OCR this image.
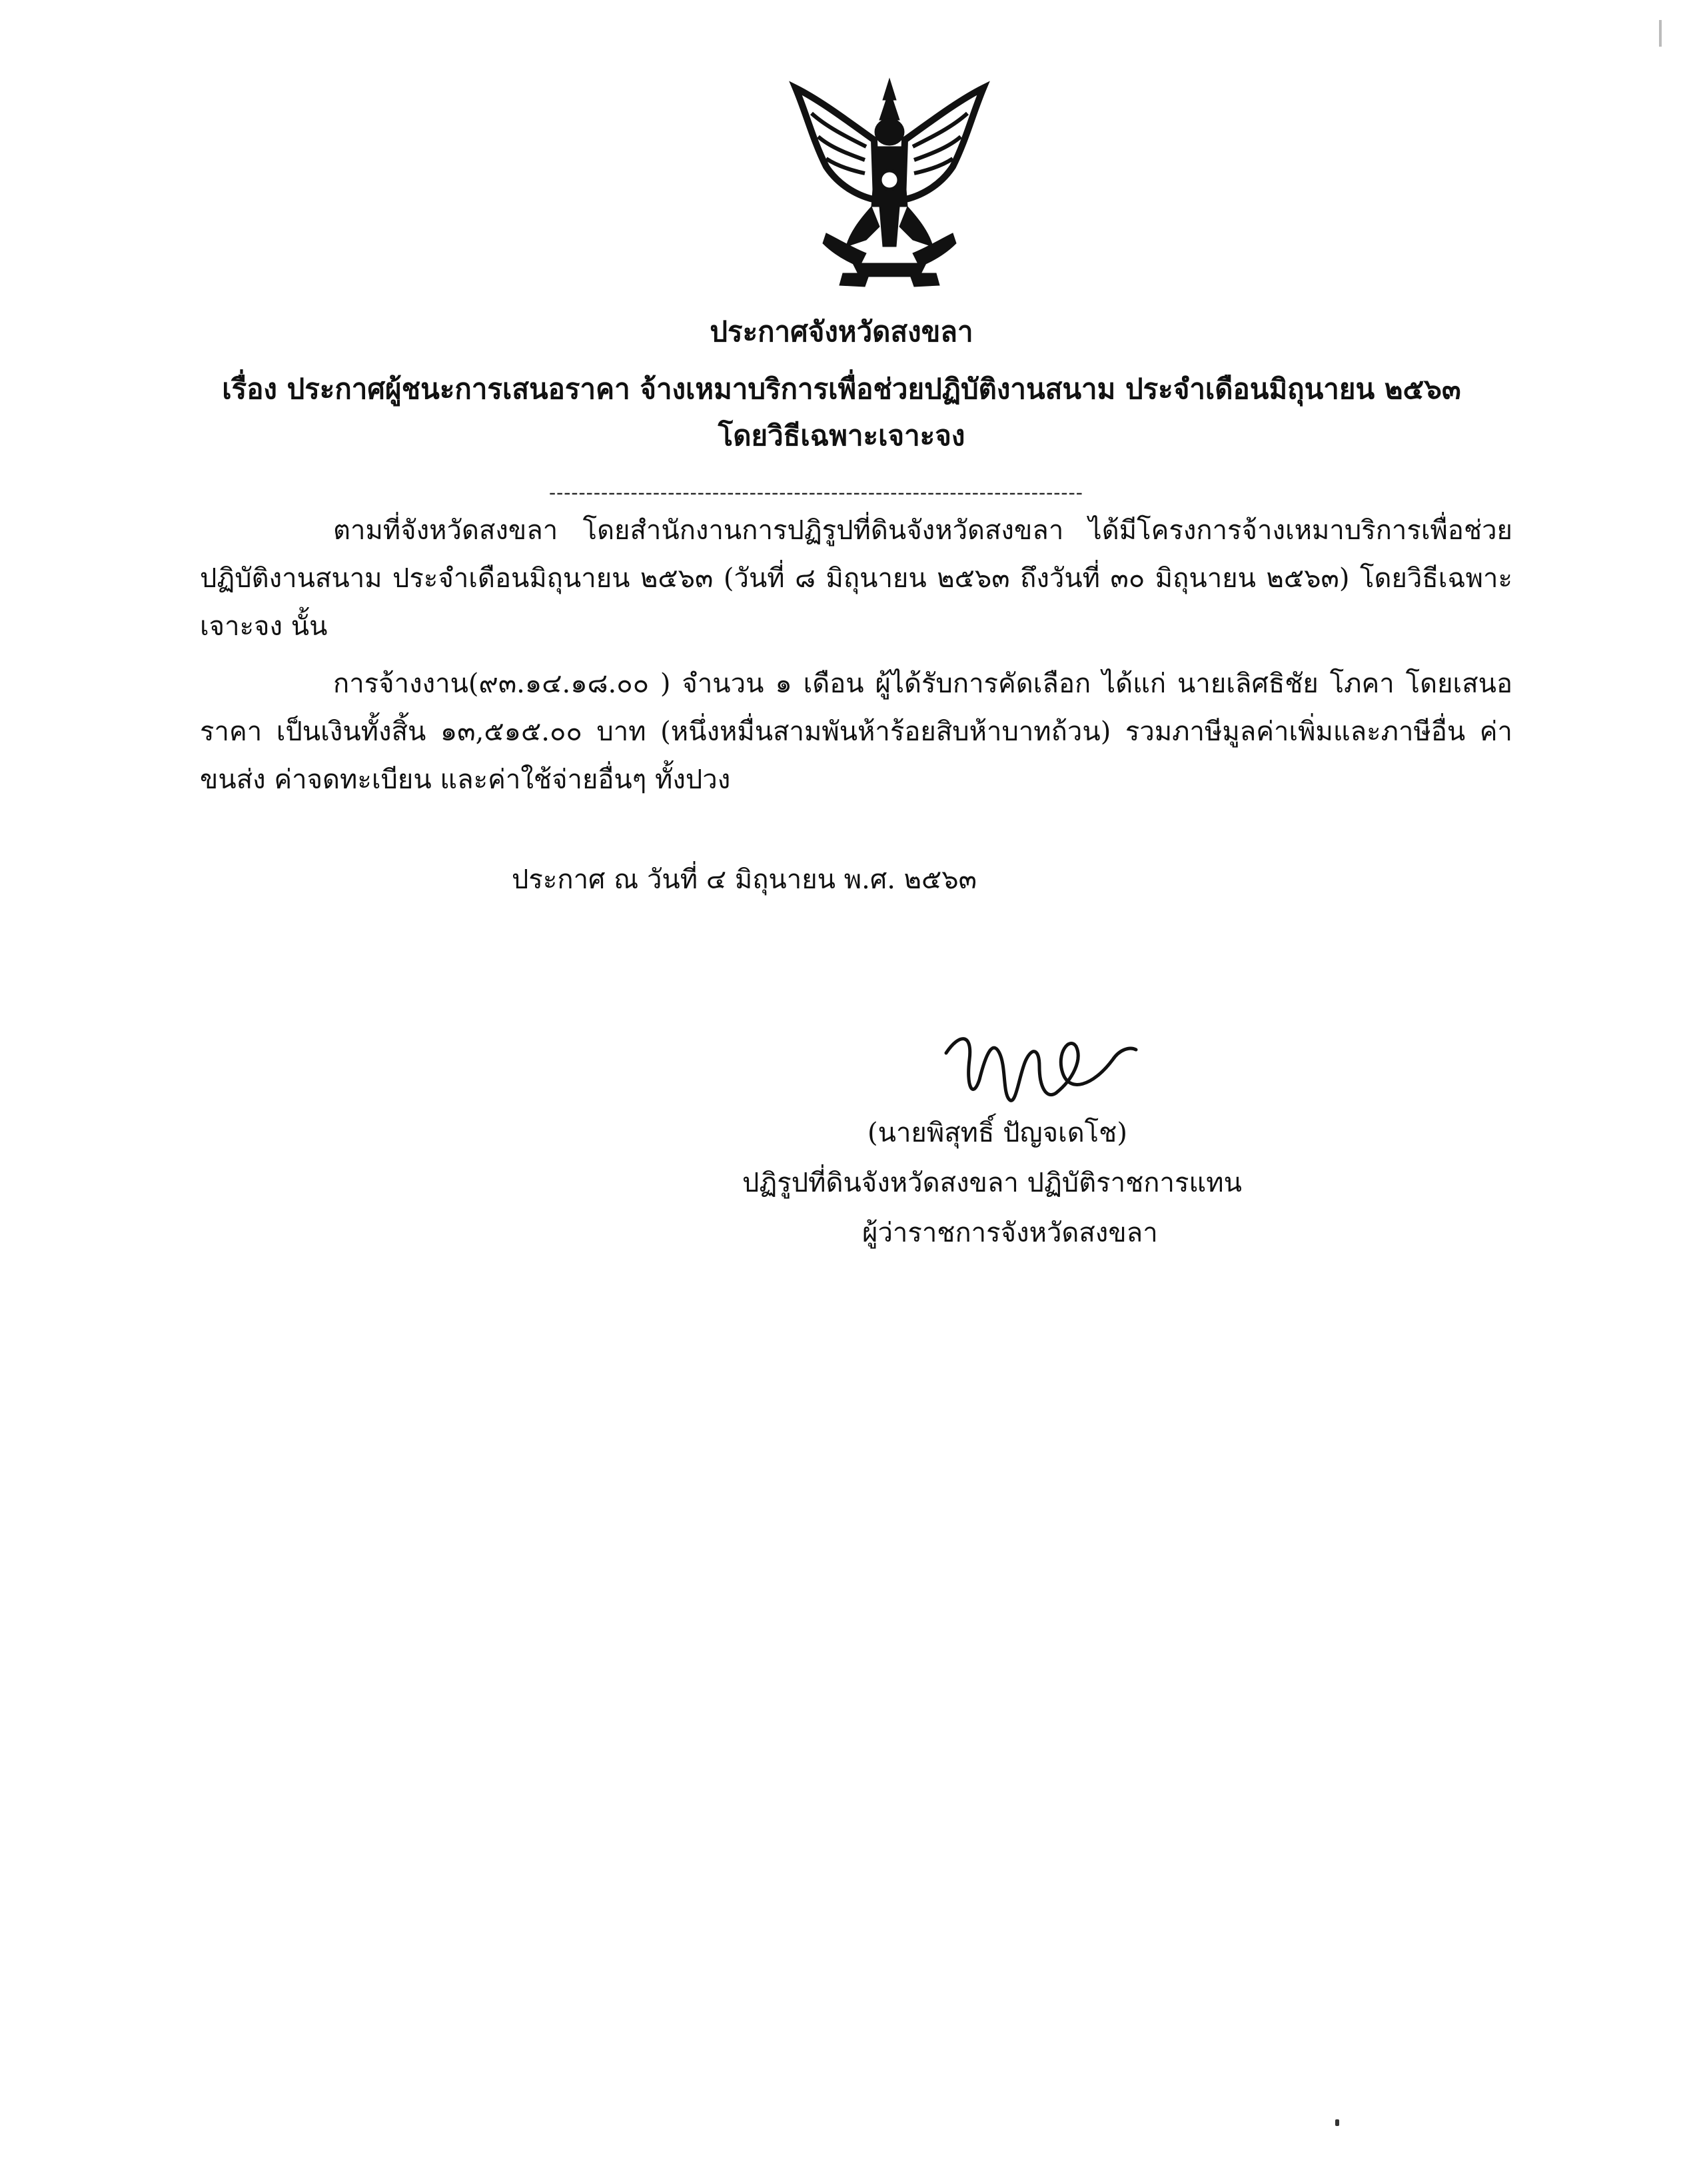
ประกาศจังหวัดสงขลา
เรื่อง ประกาศผู้ชนะการเสนอราคา จ้างเหมาบริการเพื่อช่วยปฏิบัติงานสนาม ประจำเดือนมิถุนายน ๒๕๖๓
โดยวิธีเฉพาะเจาะจง
------------------------------------------------------------------------
ตามที่จังหวัดสงขลา โดยสำนักงานการปฏิรูปที่ดินจังหวัดสงขลา ได้มีโครงการจ้างเหมาบริการเพื่อช่วยปฏิบัติงานสนาม ประจำเดือนมิถุนายน ๒๕๖๓ (วันที่ ๘ มิถุนายน ๒๕๖๓ ถึงวันที่ ๓๐ มิถุนายน ๒๕๖๓) โดยวิธีเฉพาะเจาะจง นั้น
การจ้างงาน(๙๓.๑๔.๑๘.๐๐ ) จำนวน ๑ เดือน ผู้ได้รับการคัดเลือก ได้แก่ นายเลิศธิชัย โภคา โดยเสนอราคา เป็นเงินทั้งสิ้น ๑๓,๕๑๕.๐๐ บาท (หนึ่งหมื่นสามพันห้าร้อยสิบห้าบาทถ้วน) รวมภาษีมูลค่าเพิ่มและภาษีอื่น ค่าขนส่ง ค่าจดทะเบียน และค่าใช้จ่ายอื่นๆ ทั้งปวง
ประกาศ ณ วันที่ ๔ มิถุนายน พ.ศ. ๒๕๖๓
(นายพิสุทธิ์ ปัญจเดโช)
ปฏิรูปที่ดินจังหวัดสงขลา ปฏิบัติราชการแทน
ผู้ว่าราชการจังหวัดสงขลา
